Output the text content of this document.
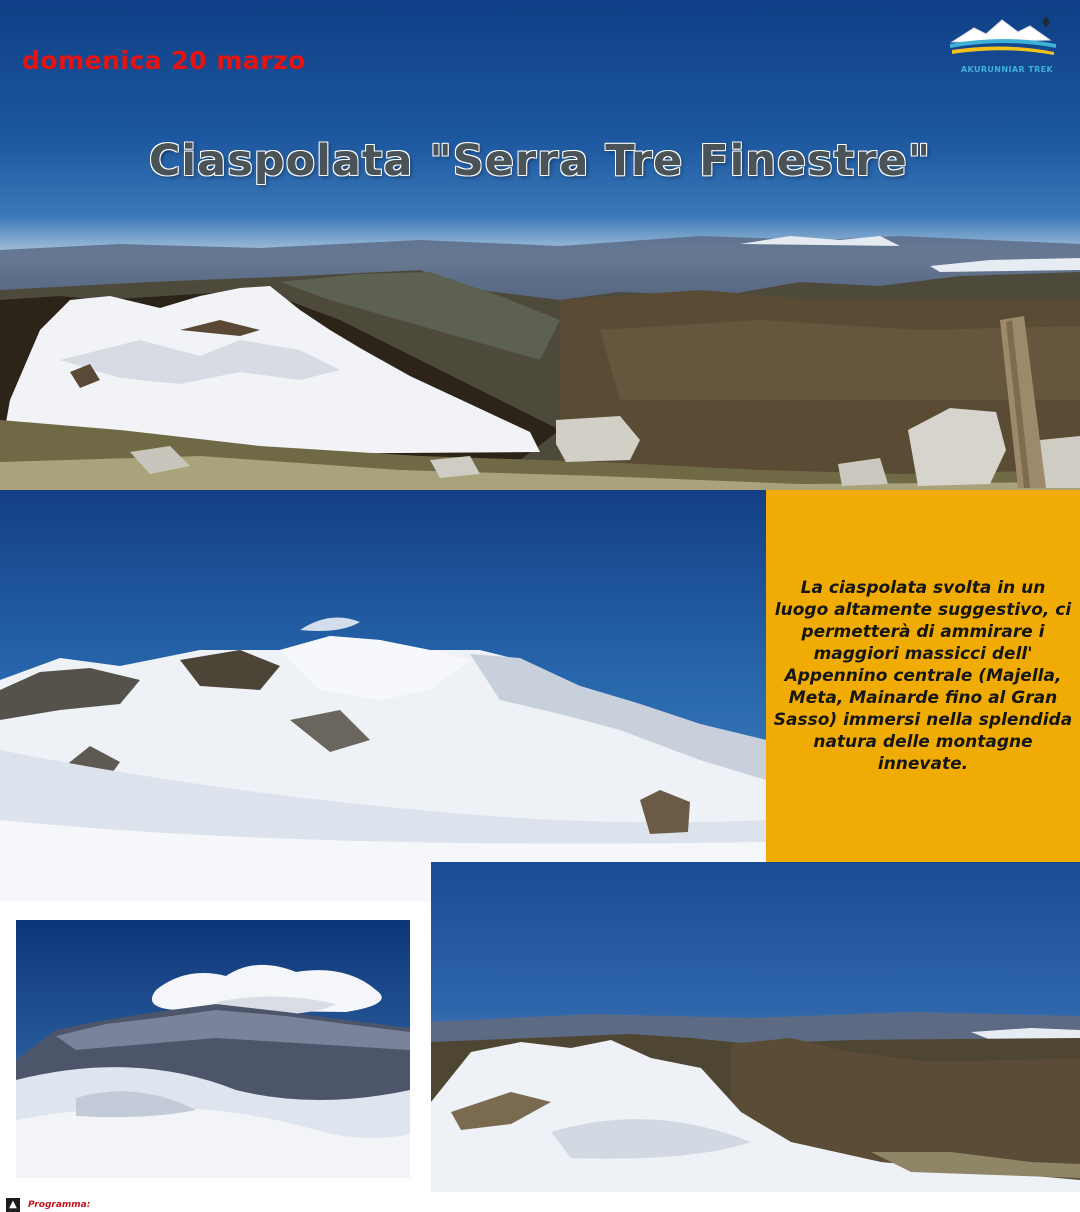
domenica 20 marzo
Ciaspolata "Serra Tre Finestre"
AKURUNNIAR TREK
La ciaspolata svolta in un luogo altamente suggestivo, ci permetterà di ammirare i maggiori massicci dell' Appennino centrale (Majella, Meta, Mainarde fino al Gran Sasso) immersi nella splendida natura delle montagne innevate.
▲	Programma:
